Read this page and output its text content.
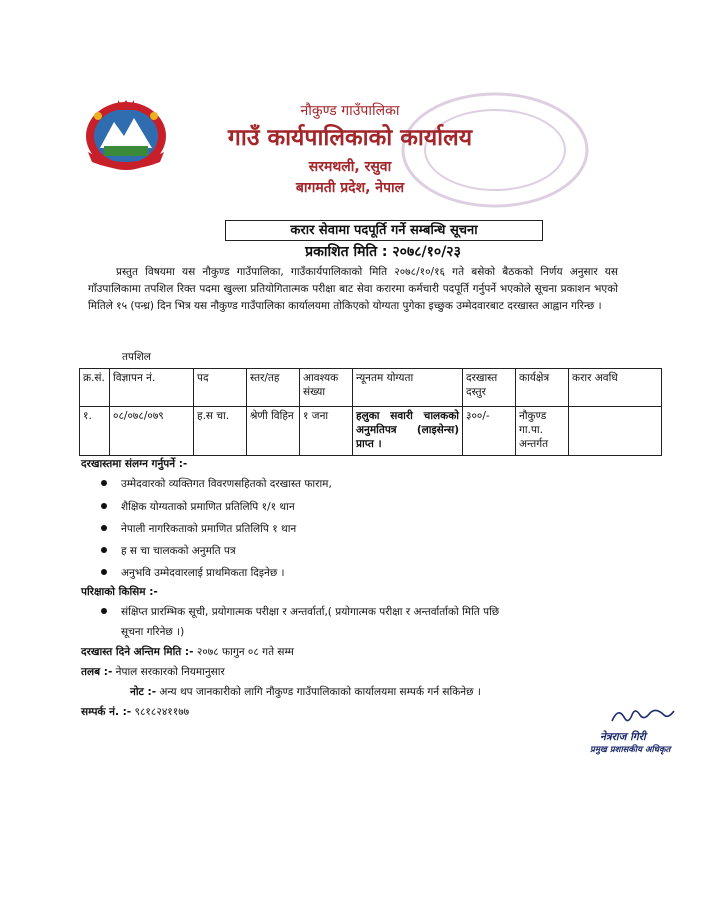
नौकुण्ड गाउँपालिका
गाउँ कार्यपालिकाको कार्यालय
सरमथली, रसुवा
बागमती प्रदेश, नेपाल
करार सेवामा पदपूर्ति गर्ने सम्बन्धि सूचना
प्रकाशित मिति : २०७८/१०/२३
प्रस्तुत विषयमा यस नौकुण्ड गाउँपालिका, गाउँकार्यपालिकाको मिति २०७८/१०/१६ गते बसेको बैठकको निर्णय अनुसार यस गाँउपालिकामा तपशिल रिक्त पदमा खुल्ला प्रतियोगितात्मक परीक्षा बाट सेवा करारमा कर्मचारी पदपूर्ति गर्नुपर्ने भएकोले सूचना प्रकाशन भएको मितिले १५ (पन्ध्र) दिन भित्र यस नौकुण्ड गाउँपालिका कार्यालयमा तोकिएको योग्यता पुगेका इच्छुक उम्मेदवारबाट दरखास्त आह्वान गरिन्छ ।
तपशिल
क्र.सं.	विज्ञापन नं.	पद	स्तर/तह	आवश्यक संख्या	न्यूनतम योग्यता	दरखास्त दस्तुर	कार्यक्षेत्र	करार अवधि
१.	०८/०७८/०७९	ह.स चा.	श्रेणी विहिन	१ जना	हलुका सवारी चालकको अनुमतिपत्र (लाइसेन्स) प्राप्त ।	३००/-	नौकुण्ड गा.पा. अन्तर्गत	
दरखास्तमा संलग्न गर्नुपर्ने :-
उम्मेदवारको व्यक्तिगत विवरणसहितको दरखास्त फाराम,
शैक्षिक योग्यताको प्रमाणित प्रतिलिपि १/१ थान
नेपाली नागरिकताको प्रमाणित प्रतिलिपि १ थान
ह स चा चालकको अनुमति पत्र
अनुभवि उम्मेदवारलाई प्राथमिकता दिइनेछ ।
परिक्षाको किसिम :-
संक्षिप्त प्रारम्भिक सूची, प्रयोगात्मक परीक्षा र अन्तर्वार्ता,( प्रयोगात्मक परीक्षा र अन्तर्वार्ताको मिति पछि
सूचना गरिनेछ ।)
दरखास्त दिने अन्तिम मिति :- २०७८ फागुन ०८ गते सम्म
तलब :- नेपाल सरकारको नियमानुसार
नोट :- अन्य थप जानकारीको लागि नौकुण्ड गाउँपालिकाको कार्यालयमा सम्पर्क गर्न सकिनेछ ।
सम्पर्क नं. :- ९८१८२४११७७
नेत्रराज गिरी
प्रमुख प्रशासकीय अधिकृत
